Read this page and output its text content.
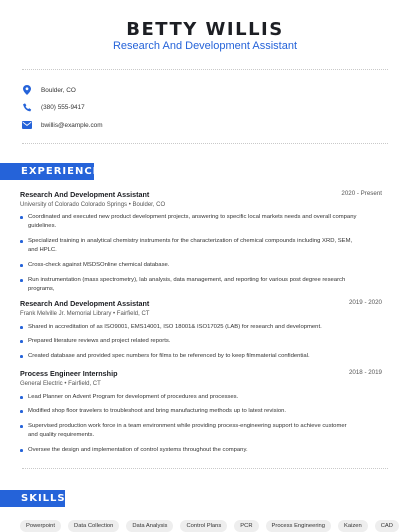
BETTY WILLIS
Research And Development Assistant
Boulder, CO
(380) 555-9417
bwillis@example.com
EXPERIENCE
Research And Development Assistant	2020 - Present
University of Colorado Colorado Springs • Boulder, CO
Coordinated and executed new product development projects, answering to specific local markets needs and overall company guidelines.
Specialized training in analytical chemistry instruments for the characterization of chemical compounds including XRD, SEM, and HPLC.
Cross-check against MSDSOnline chemical database.
Run instrumentation (mass spectrometry), lab analysis, data management, and reporting for various post degree research programs,
Research And Development Assistant	2019 - 2020
Frank Melville Jr. Memorial Library • Fairfield, CT
Shared in accreditation of as ISO9001, EMS14001, ISO 18001& ISO17025 (LAB) for research and development.
Prepared literature reviews and project related reports.
Created database and provided spec numbers for films to be referenced by to keep filmmaterial confidential.
Process Engineer Internship	2018 - 2019
General Electric • Fairfield, CT
Lead Planner on Advent Program for development of procedures and processes.
Modified shop floor travelers to troubleshoot and bring manufacturing methods up to latest revision.
Supervised production work force in a team environment while providing process-engineering support to achieve customer and quality requirements.
Oversee the design and implementation of control systems throughout the company.
SKILLS
Powerpoint	Data Collection	Data Analysis	Control Plans	PCR	Process Engineering	Kaizen	CAD
